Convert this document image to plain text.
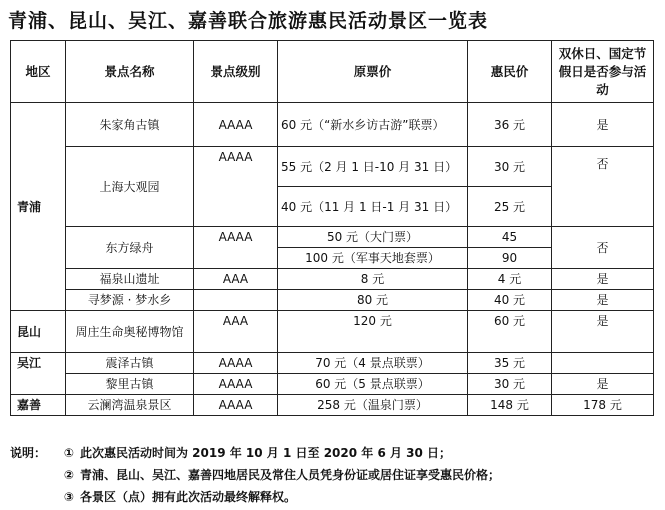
青浦、昆山、吴江、嘉善联合旅游惠民活动景区一览表
地区	景点名称	景点级别	原票价	惠民价	双休日、国定节假日是否参与活动
青浦	朱家角古镇	AAAA	60 元（“新水乡访古游”联票）	36 元	是
	上海大观园	AAAA	55 元（2 月 1 日-10 月 31 日）	30 元	否
			40 元（11 月 1 日-1 月 31 日）	25 元	
	东方绿舟	AAAA	50 元（大门票）	45	否
			100 元（军事天地套票）	90	
	福泉山遗址	AAA	8 元	4 元	是
	寻梦源 · 梦水乡		80 元	40 元	是
昆山	周庄生命奥秘博物馆	AAA	120 元	60 元	是
吴江	震泽古镇	AAAA	70 元（4 景点联票）	35 元	
	黎里古镇	AAAA	60 元（5 景点联票）	30 元	是
嘉善	云澜湾温泉景区	AAAA	258 元（温泉门票）	148 元	178 元
说明：	① 此次惠民活动时间为 2019 年 10 月 1 日至 2020 年 6 月 30 日；
② 青浦、昆山、吴江、嘉善四地居民及常住人员凭身份证或居住证享受惠民价格；
③ 各景区（点）拥有此次活动最终解释权。
